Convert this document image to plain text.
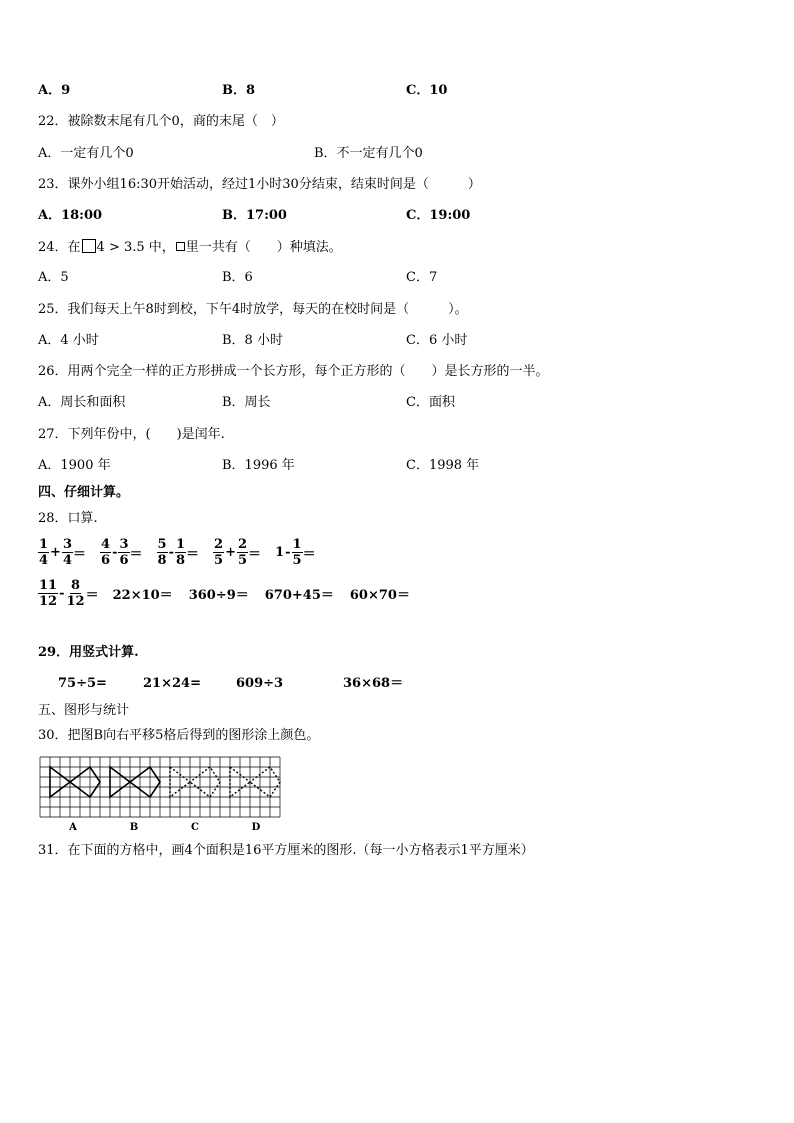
A．9	B．8	C．10
22．被除数末尾有几个0，商的末尾（　）
A．一定有几个0	B．不一定有几个0
23．课外小组16:30开始活动，经过1小时30分结束，结束时间是（　　　）
A．18:00	B．17:00	C．19:00
24．在 4 > 3.5 中， 里一共有（　　）种填法。
A．5	B．6	C．7
25．我们每天上午8时到校，下午4时放学，每天的在校时间是（　　　）。
A．4 小时	B．8 小时	C．6 小时
26．用两个完全一样的正方形拼成一个长方形，每个正方形的（　　）是长方形的一半。
A．周长和面积	B．周长	C．面积
27．下列年份中，(　　)是闰年.
A．1900 年	B．1996 年	C．1998 年
四、仔细计算。
28．口算.
$\frac{1}{4} + \frac{3}{4} = \frac{4}{6} - \frac{3}{6} = \frac{5}{8} - \frac{1}{8} = \frac{2}{5} + \frac{2}{5} = 1 - \frac{1}{5}$ ＝
$\frac{11}{12} - \frac{8}{12} = 22\times 10= 360\div 9= 670+45= 60\times 70=$
29．用竖式计算.
75÷5=	21×24=	609÷3	36×68＝
五、图形与统计
30．把图B向右平移5格后得到的图形涂上颜色。
A	B	C	D
31．在下面的方格中，画4个面积是16平方厘米的图形.（每一小方格表示1平方厘米）
